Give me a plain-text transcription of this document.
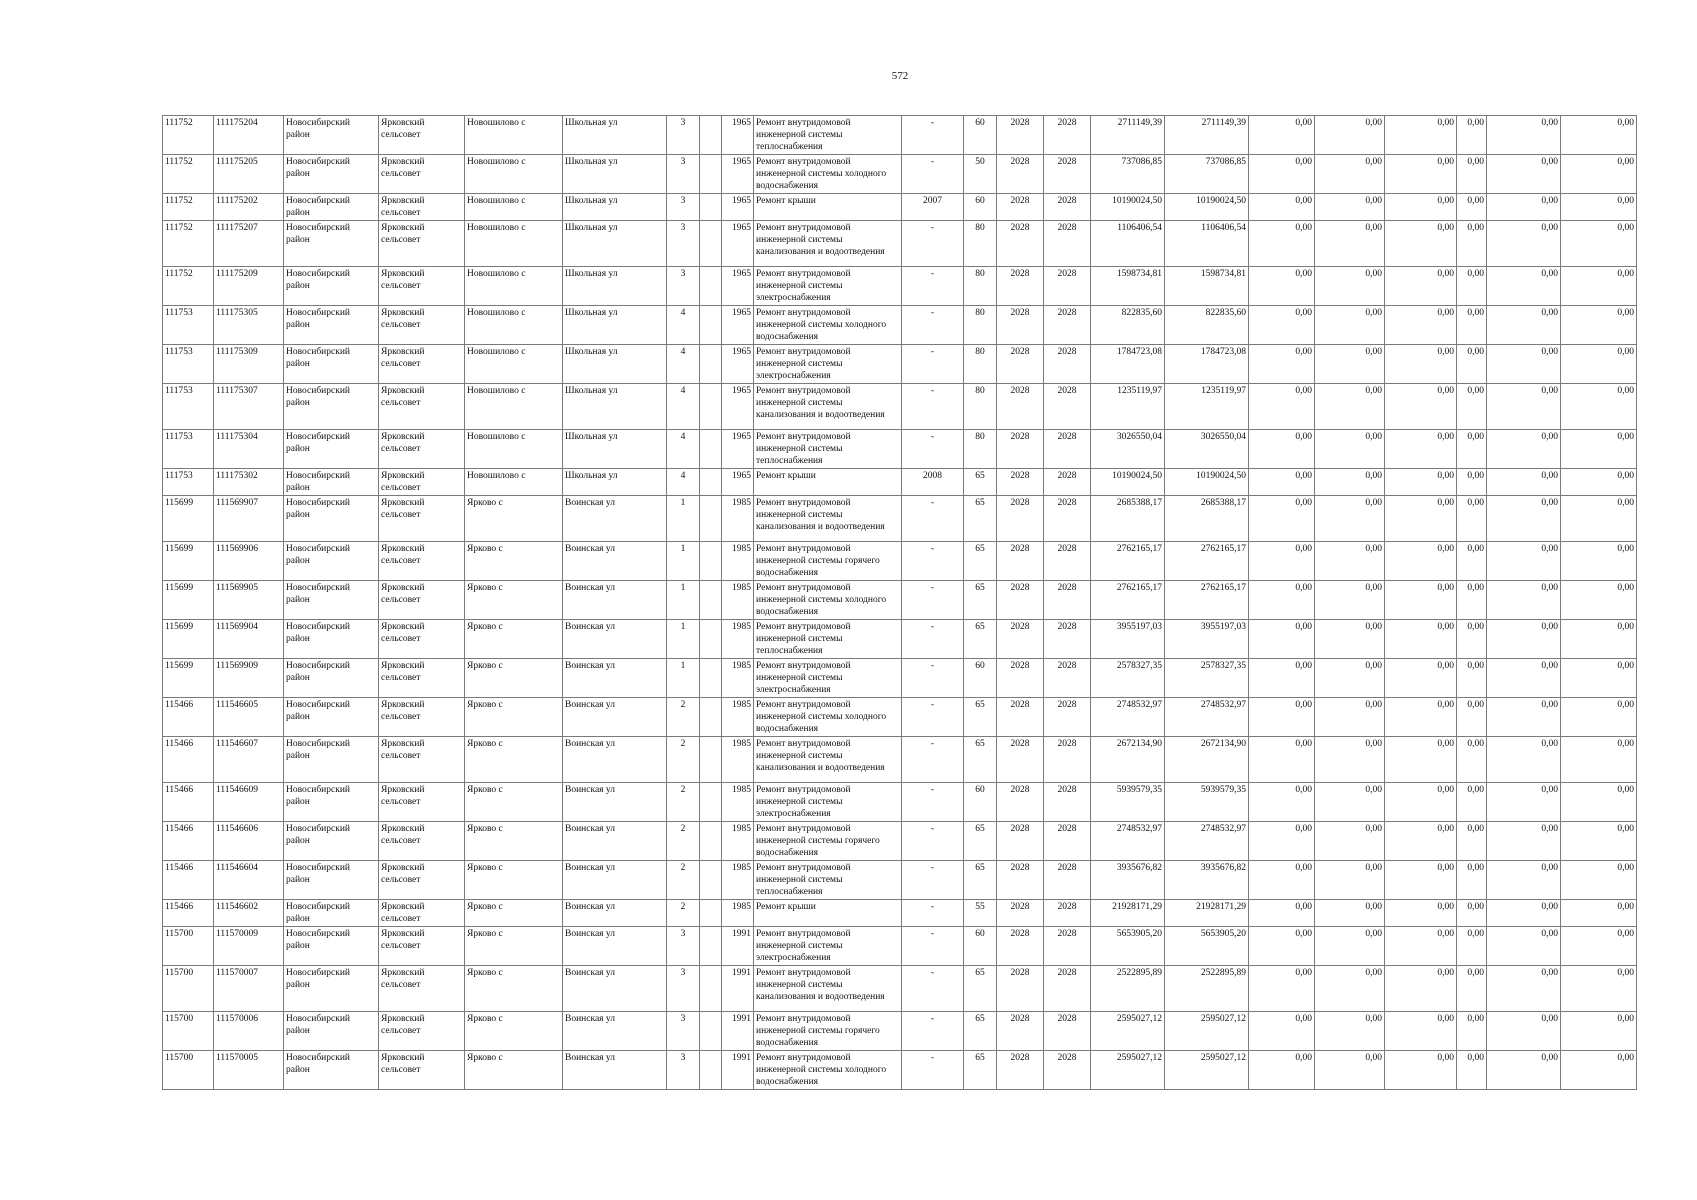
572
111752	111175204	Новосибирский район	Ярковский сельсовет	Новошилово с	Школьная ул	3		1965	Ремонт внутридомовой инженерной системы теплоснабжения	-	60	2028	2028	2711149,39	2711149,39	0,00	0,00	0,00	0,00	0,00	0,00
111752	111175205	Новосибирский район	Ярковский сельсовет	Новошилово с	Школьная ул	3		1965	Ремонт внутридомовой инженерной системы холодного водоснабжения	-	50	2028	2028	737086,85	737086,85	0,00	0,00	0,00	0,00	0,00	0,00
111752	111175202	Новосибирский район	Ярковский сельсовет	Новошилово с	Школьная ул	3		1965	Ремонт крыши	2007	60	2028	2028	10190024,50	10190024,50	0,00	0,00	0,00	0,00	0,00	0,00
111752	111175207	Новосибирский район	Ярковский сельсовет	Новошилово с	Школьная ул	3		1965	Ремонт внутридомовой инженерной системы канализования и водоотведения	-	80	2028	2028	1106406,54	1106406,54	0,00	0,00	0,00	0,00	0,00	0,00
111752	111175209	Новосибирский район	Ярковский сельсовет	Новошилово с	Школьная ул	3		1965	Ремонт внутридомовой инженерной системы электроснабжения	-	80	2028	2028	1598734,81	1598734,81	0,00	0,00	0,00	0,00	0,00	0,00
111753	111175305	Новосибирский район	Ярковский сельсовет	Новошилово с	Школьная ул	4		1965	Ремонт внутридомовой инженерной системы холодного водоснабжения	-	80	2028	2028	822835,60	822835,60	0,00	0,00	0,00	0,00	0,00	0,00
111753	111175309	Новосибирский район	Ярковский сельсовет	Новошилово с	Школьная ул	4		1965	Ремонт внутридомовой инженерной системы электроснабжения	-	80	2028	2028	1784723,08	1784723,08	0,00	0,00	0,00	0,00	0,00	0,00
111753	111175307	Новосибирский район	Ярковский сельсовет	Новошилово с	Школьная ул	4		1965	Ремонт внутридомовой инженерной системы канализования и водоотведения	-	80	2028	2028	1235119,97	1235119,97	0,00	0,00	0,00	0,00	0,00	0,00
111753	111175304	Новосибирский район	Ярковский сельсовет	Новошилово с	Школьная ул	4		1965	Ремонт внутридомовой инженерной системы теплоснабжения	-	80	2028	2028	3026550,04	3026550,04	0,00	0,00	0,00	0,00	0,00	0,00
111753	111175302	Новосибирский район	Ярковский сельсовет	Новошилово с	Школьная ул	4		1965	Ремонт крыши	2008	65	2028	2028	10190024,50	10190024,50	0,00	0,00	0,00	0,00	0,00	0,00
115699	111569907	Новосибирский район	Ярковский сельсовет	Ярково с	Воинская ул	1		1985	Ремонт внутридомовой инженерной системы канализования и водоотведения	-	65	2028	2028	2685388,17	2685388,17	0,00	0,00	0,00	0,00	0,00	0,00
115699	111569906	Новосибирский район	Ярковский сельсовет	Ярково с	Воинская ул	1		1985	Ремонт внутридомовой инженерной системы горячего водоснабжения	-	65	2028	2028	2762165,17	2762165,17	0,00	0,00	0,00	0,00	0,00	0,00
115699	111569905	Новосибирский район	Ярковский сельсовет	Ярково с	Воинская ул	1		1985	Ремонт внутридомовой инженерной системы холодного водоснабжения	-	65	2028	2028	2762165,17	2762165,17	0,00	0,00	0,00	0,00	0,00	0,00
115699	111569904	Новосибирский район	Ярковский сельсовет	Ярково с	Воинская ул	1		1985	Ремонт внутридомовой инженерной системы теплоснабжения	-	65	2028	2028	3955197,03	3955197,03	0,00	0,00	0,00	0,00	0,00	0,00
115699	111569909	Новосибирский район	Ярковский сельсовет	Ярково с	Воинская ул	1		1985	Ремонт внутридомовой инженерной системы электроснабжения	-	60	2028	2028	2578327,35	2578327,35	0,00	0,00	0,00	0,00	0,00	0,00
115466	111546605	Новосибирский район	Ярковский сельсовет	Ярково с	Воинская ул	2		1985	Ремонт внутридомовой инженерной системы холодного водоснабжения	-	65	2028	2028	2748532,97	2748532,97	0,00	0,00	0,00	0,00	0,00	0,00
115466	111546607	Новосибирский район	Ярковский сельсовет	Ярково с	Воинская ул	2		1985	Ремонт внутридомовой инженерной системы канализования и водоотведения	-	65	2028	2028	2672134,90	2672134,90	0,00	0,00	0,00	0,00	0,00	0,00
115466	111546609	Новосибирский район	Ярковский сельсовет	Ярково с	Воинская ул	2		1985	Ремонт внутридомовой инженерной системы электроснабжения	-	60	2028	2028	5939579,35	5939579,35	0,00	0,00	0,00	0,00	0,00	0,00
115466	111546606	Новосибирский район	Ярковский сельсовет	Ярково с	Воинская ул	2		1985	Ремонт внутридомовой инженерной системы горячего водоснабжения	-	65	2028	2028	2748532,97	2748532,97	0,00	0,00	0,00	0,00	0,00	0,00
115466	111546604	Новосибирский район	Ярковский сельсовет	Ярково с	Воинская ул	2		1985	Ремонт внутридомовой инженерной системы теплоснабжения	-	65	2028	2028	3935676,82	3935676,82	0,00	0,00	0,00	0,00	0,00	0,00
115466	111546602	Новосибирский район	Ярковский сельсовет	Ярково с	Воинская ул	2		1985	Ремонт крыши	-	55	2028	2028	21928171,29	21928171,29	0,00	0,00	0,00	0,00	0,00	0,00
115700	111570009	Новосибирский район	Ярковский сельсовет	Ярково с	Воинская ул	3		1991	Ремонт внутридомовой инженерной системы электроснабжения	-	60	2028	2028	5653905,20	5653905,20	0,00	0,00	0,00	0,00	0,00	0,00
115700	111570007	Новосибирский район	Ярковский сельсовет	Ярково с	Воинская ул	3		1991	Ремонт внутридомовой инженерной системы канализования и водоотведения	-	65	2028	2028	2522895,89	2522895,89	0,00	0,00	0,00	0,00	0,00	0,00
115700	111570006	Новосибирский район	Ярковский сельсовет	Ярково с	Воинская ул	3		1991	Ремонт внутридомовой инженерной системы горячего водоснабжения	-	65	2028	2028	2595027,12	2595027,12	0,00	0,00	0,00	0,00	0,00	0,00
115700	111570005	Новосибирский район	Ярковский сельсовет	Ярково с	Воинская ул	3		1991	Ремонт внутридомовой инженерной системы холодного водоснабжения	-	65	2028	2028	2595027,12	2595027,12	0,00	0,00	0,00	0,00	0,00	0,00
